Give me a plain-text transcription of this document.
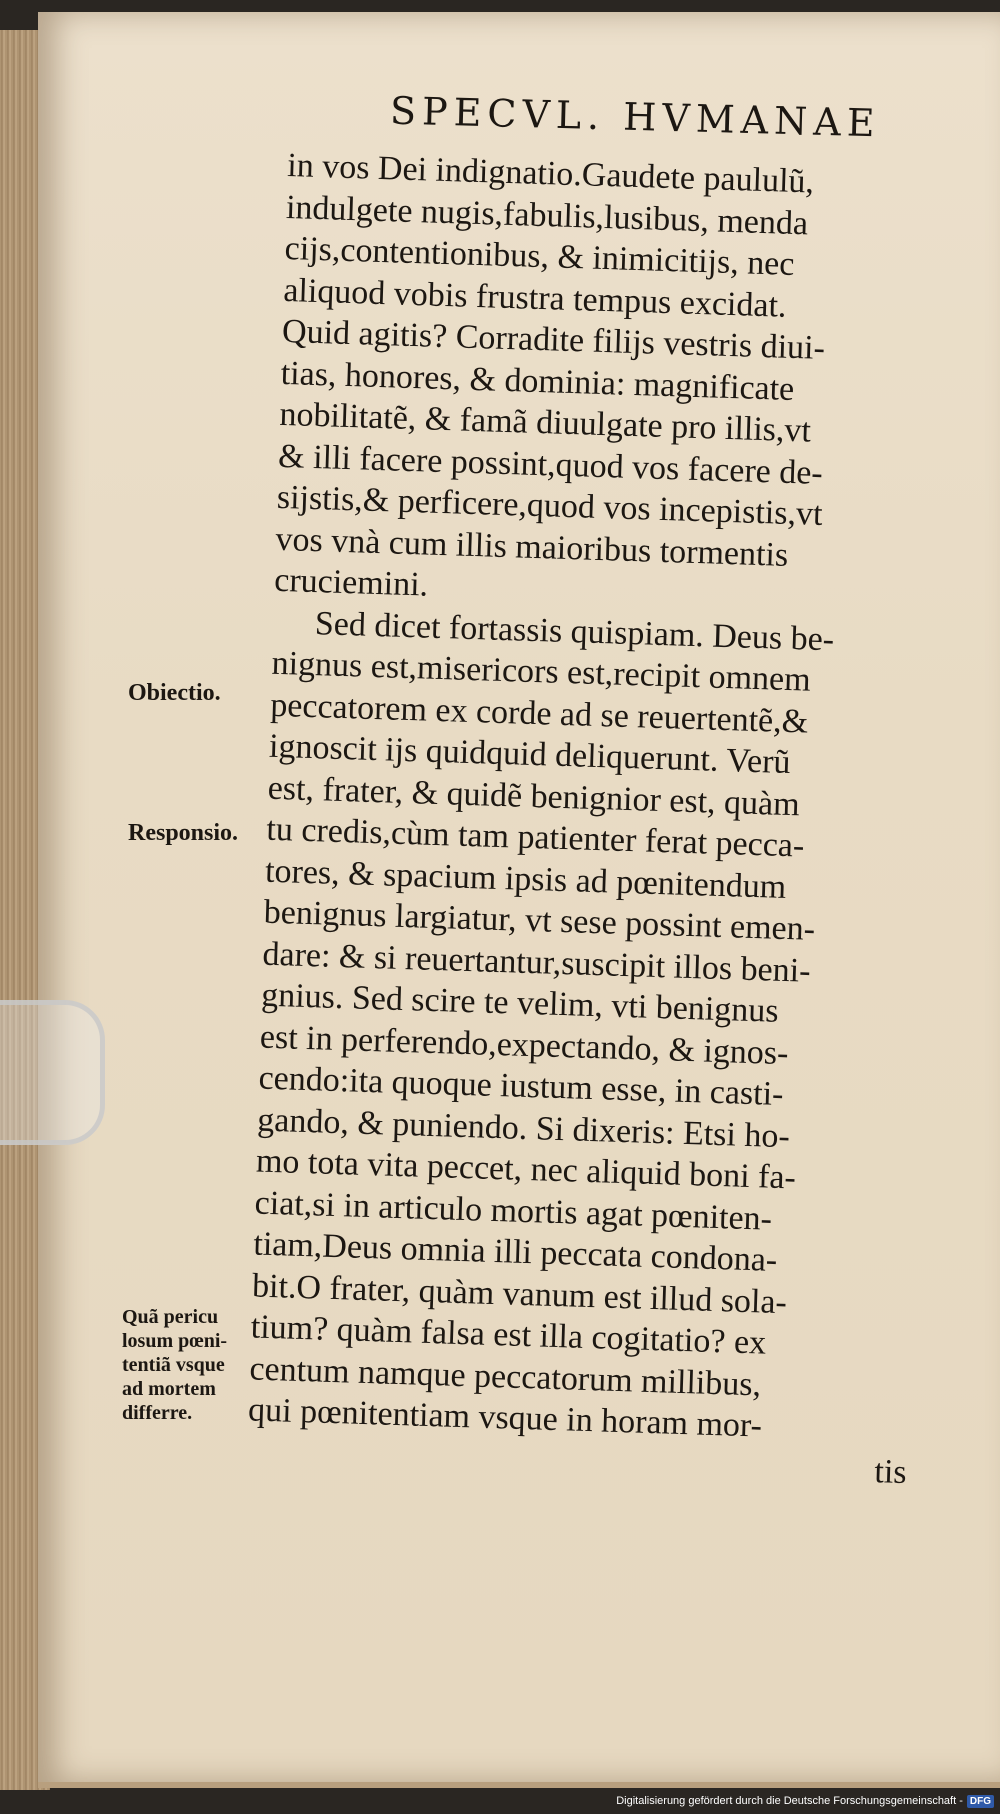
SPECVL. HVMANAE
in vos Dei indignatio.Gaudete paululũ,
indulgete nugis,fabulis,lusibus, menda
cijs,contentionibus, & inimicitijs, nec
aliquod vobis frustra tempus excidat.
Quid agitis? Corradite filijs vestris diui-
tias, honores, & dominia: magnificate
nobilitatẽ, & famã diuulgate pro illis,vt
& illi facere possint,quod vos facere de-
sijstis,& perficere,quod vos incepistis,vt
vos vnà cum illis maioribus tormentis
cruciemini.
Sed dicet fortassis quispiam. Deus be-
nignus est,misericors est,recipit omnem
peccatorem ex corde ad se reuertentẽ,&
ignoscit ijs quidquid deliquerunt. Verũ
est, frater, & quidẽ benignior est, quàm
tu credis,cùm tam patienter ferat pecca-
tores, & spacium ipsis ad pœnitendum
benignus largiatur, vt sese possint emen-
dare: & si reuertantur,suscipit illos beni-
gnius. Sed scire te velim, vti benignus
est in perferendo,expectando, & ignos-
cendo:ita quoque iustum esse, in casti-
gando, & puniendo. Si dixeris: Etsi ho-
mo tota vita peccet, nec aliquid boni fa-
ciat,si in articulo mortis agat pœniten-
tiam,Deus omnia illi peccata condona-
bit.O frater, quàm vanum est illud sola-
tium? quàm falsa est illa cogitatio? ex
centum namque peccatorum millibus,
qui pœnitentiam vsque in horam mor-
tis
Obiectio.
Responsio.
Quã pericu
losum pœni-
tentiã vsque
ad mortem
differre.
Digitalisierung gefördert durch die Deutsche Forschungsgemeinschaft - DFG
